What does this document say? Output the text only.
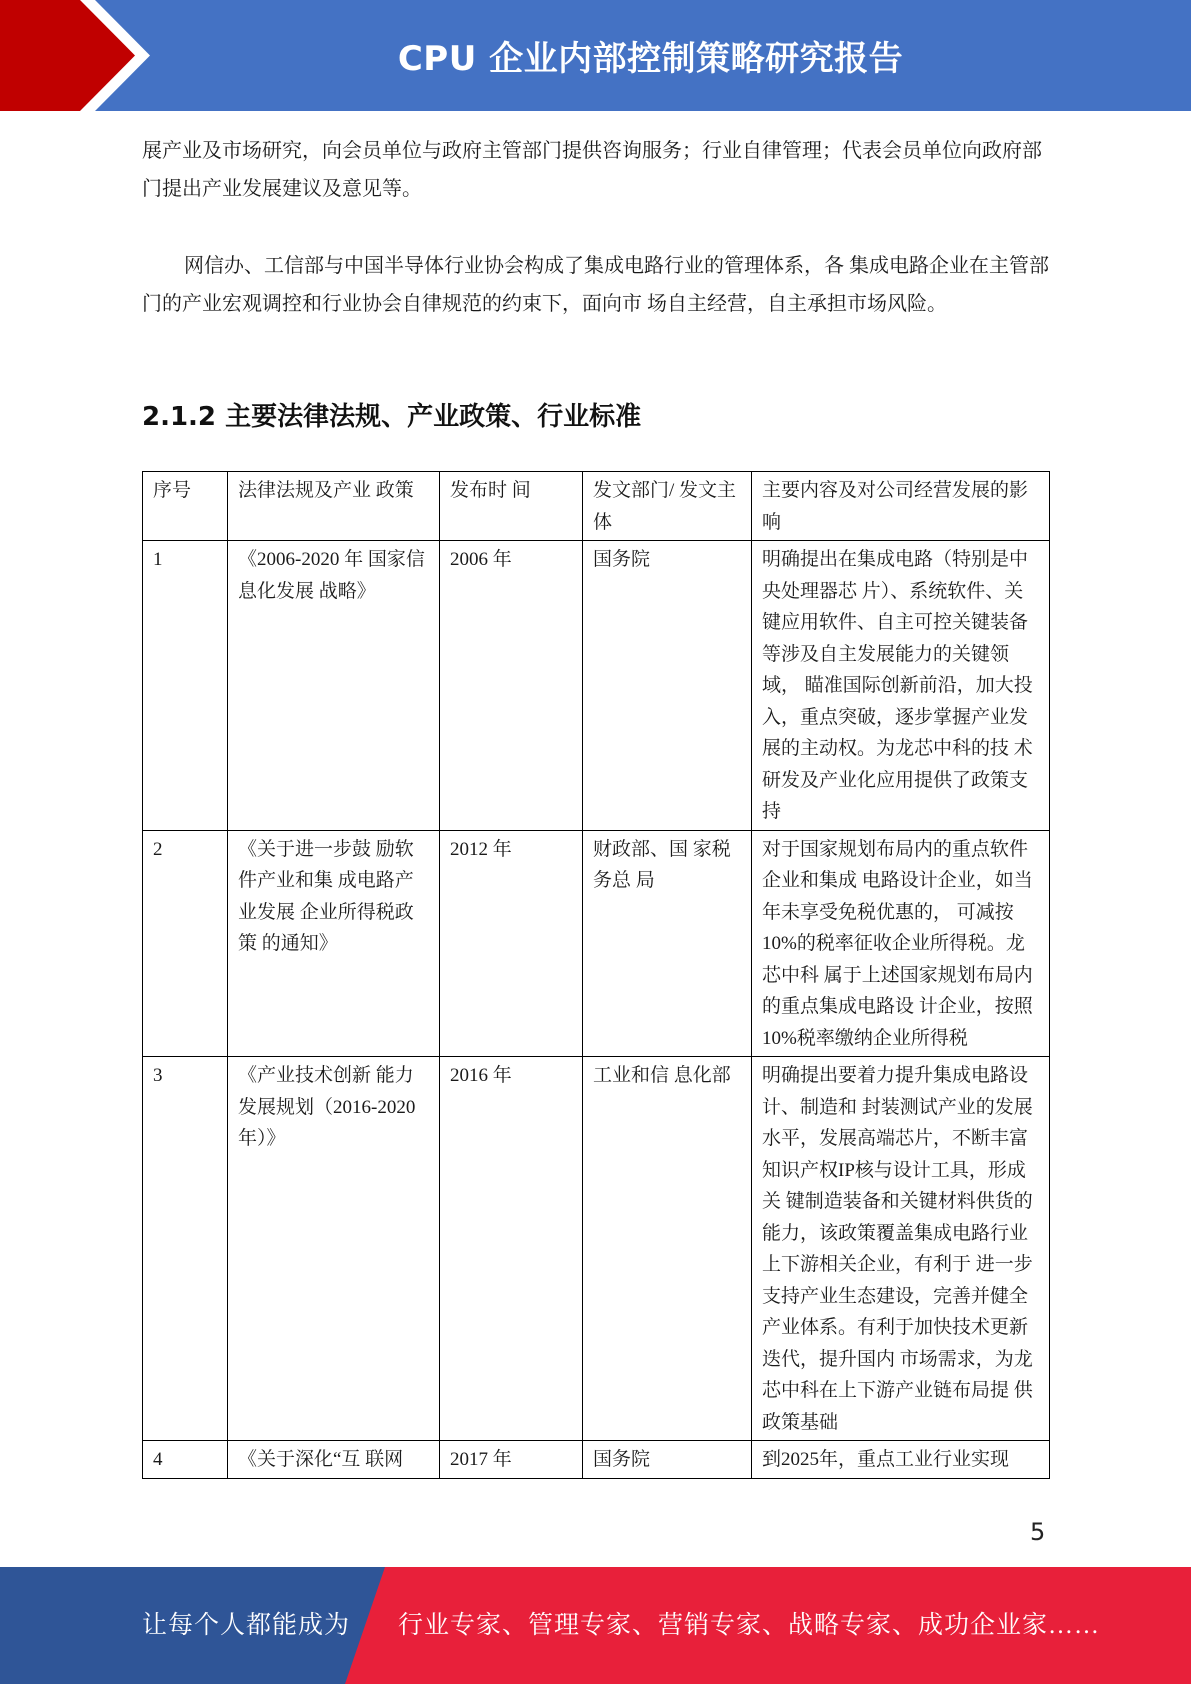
CPU 企业内部控制策略研究报告

展产业及市场研究，向会员单位与政府主管部门提供咨询服务；行业自律管理；代表会员单位向政府部门提出产业发展建议及意见等。

网信办、工信部与中国半导体行业协会构成了集成电路行业的管理体系，各 集成电路企业在主管部门的产业宏观调控和行业协会自律规范的约束下，面向市 场自主经营，自主承担市场风险。

2.1.2 主要法律法规、产业政策、行业标准
序号	法律法规及产业 政策	发布时 间	发文部门/ 发文主体	主要内容及对公司经营发展的影响
1	《2006-2020 年 国家信息化发展 战略》	2006 年	国务院	明确提出在集成电路（特别是中央处理器芯 片）、系统软件、关键应用软件、自主可控关键装备等涉及自主发展能力的关键领域， 瞄准国际创新前沿，加大投入，重点突破，逐步掌握产业发展的主动权。为龙芯中科的技 术研发及产业化应用提供了政策支持
2	《关于进一步鼓 励软件产业和集 成电路产业发展 企业所得税政策 的通知》	2012 年	财政部、国 家税务总 局	对于国家规划布局内的重点软件企业和集成 电路设计企业，如当年未享受免税优惠的， 可减按10%的税率征收企业所得税。龙芯中科 属于上述国家规划布局内的重点集成电路设 计企业，按照10%税率缴纳企业所得税
3	《产业技术创新 能力发展规划（2016-2020年）》	2016 年	工业和信 息化部	明确提出要着力提升集成电路设计、制造和 封装测试产业的发展水平，发展高端芯片，不断丰富知识产权IP核与设计工具，形成关 键制造装备和关键材料供货的能力，该政策覆盖集成电路行业上下游相关企业，有利于 进一步支持产业生态建设，完善并健全产业体系。有利于加快技术更新迭代，提升国内 市场需求，为龙芯中科在上下游产业链布局提 供政策基础
4	《关于深化“互 联网	2017 年	国务院	到2025年，重点工业行业实现
5
让每个人都能成为 行业专家、管理专家、营销专家、战略专家、成功企业家……
